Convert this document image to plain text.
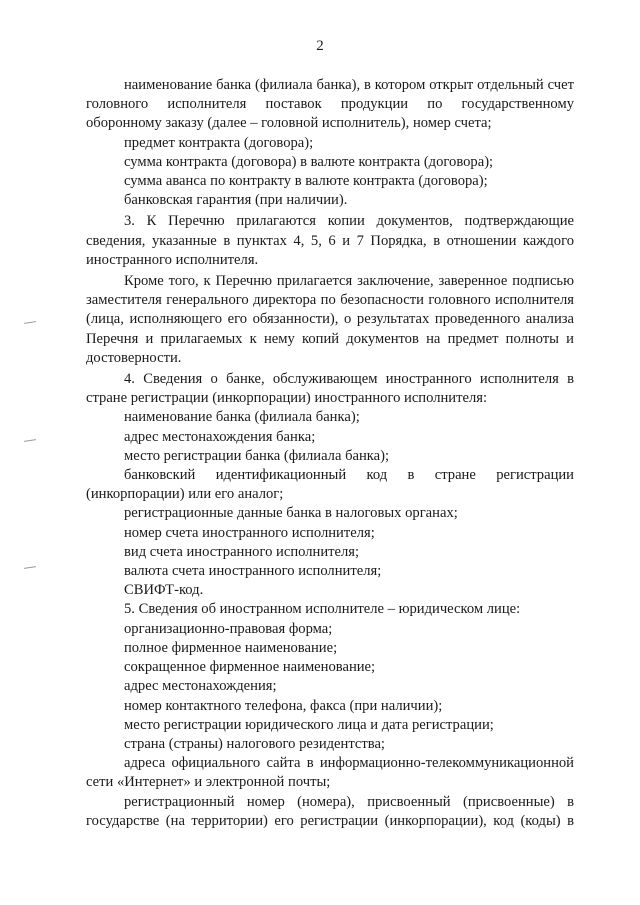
2

наименование банка (филиала банка), в котором открыт отдельный счет головного исполнителя поставок продукции по государственному оборонному заказу (далее – головной исполнитель), номер счета;

предмет контракта (договора);

сумма контракта (договора) в валюте контракта (договора);

сумма аванса по контракту в валюте контракта (договора);

банковская гарантия (при наличии).

3. К Перечню прилагаются копии документов, подтверждающие сведения, указанные в пунктах 4, 5, 6 и 7 Порядка, в отношении каждого иностранного исполнителя.

Кроме того, к Перечню прилагается заключение, заверенное подписью заместителя генерального директора по безопасности головного исполнителя (лица, исполняющего его обязанности), о результатах проведенного анализа Перечня и прилагаемых к нему копий документов на предмет полноты и достоверности.

4. Сведения о банке, обслуживающем иностранного исполнителя в стране регистрации (инкорпорации) иностранного исполнителя:

наименование банка (филиала банка);

адрес местонахождения банка;

место регистрации банка (филиала банка);

банковский идентификационный код в стране регистрации (инкорпорации) или его аналог;

регистрационные данные банка в налоговых органах;

номер счета иностранного исполнителя;

вид счета иностранного исполнителя;

валюта счета иностранного исполнителя;

СВИФТ-код.

5. Сведения об иностранном исполнителе – юридическом лице:

организационно-правовая форма;

полное фирменное наименование;

сокращенное фирменное наименование;

адрес местонахождения;

номер контактного телефона, факса (при наличии);

место регистрации юридического лица и дата регистрации;

страна (страны) налогового резидентства;

адреса официального сайта в информационно-телекоммуникационной сети «Интернет» и электронной почты;

регистрационный номер (номера), присвоенный (присвоенные) в государстве (на территории) его регистрации (инкорпорации), код (коды) в
